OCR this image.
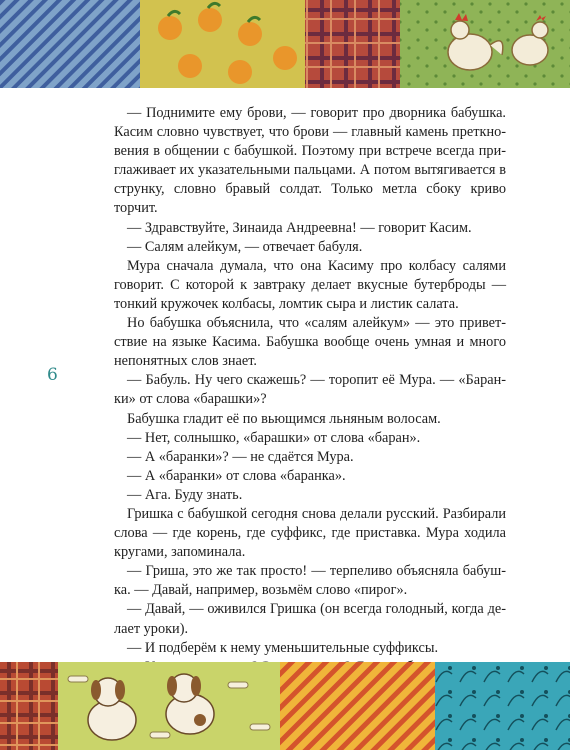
6
— Поднимите ему брови, — говорит про дворника бабушка.
Касим словно чувствует, что брови — главный камень преткно-
вения в общении с бабушкой. Поэтому при встрече всегда при-
глаживает их указательными пальцами. А потом вытягивается в
струнку, словно бравый солдат. Только метла сбоку криво торчит.
— Здравствуйте, Зинаида Андреевна! — говорит Касим.
— Салям алейкум, — отвечает бабуля.
Мура сначала думала, что она Касиму про колбасу салями
говорит. С которой к завтраку делает вкусные бутерброды —
тонкий кружочек колбасы, ломтик сыра и листик салата.
Но бабушка объяснила, что «салям алейкум» — это привет-
ствие на языке Касима. Бабушка вообще очень умная и много
непонятных слов знает.
— Бабуль. Ну чего скажешь? — торопит её Мура. — «Баран-
ки» от слова «барашки»?
Бабушка гладит её по вьющимся льняным волосам.
— Нет, солнышко, «барашки» от слова «баран».
— А «баранки»? — не сдаётся Мура.
— А «баранки» от слова «баранка».
— Ага. Буду знать.
Гришка с бабушкой сегодня снова делали русский. Разбирали
слова — где корень, где суффикс, где приставка. Мура ходила
кругами, запоминала.
— Гриша, это же так просто! — терпеливо объясняла бабуш-
ка. — Давай, например, возьмём слово «пирог».
— Давай, — оживился Гришка (он всегда голодный, когда де-
лает уроки).
— И подберём к нему уменьшительные суффиксы.
